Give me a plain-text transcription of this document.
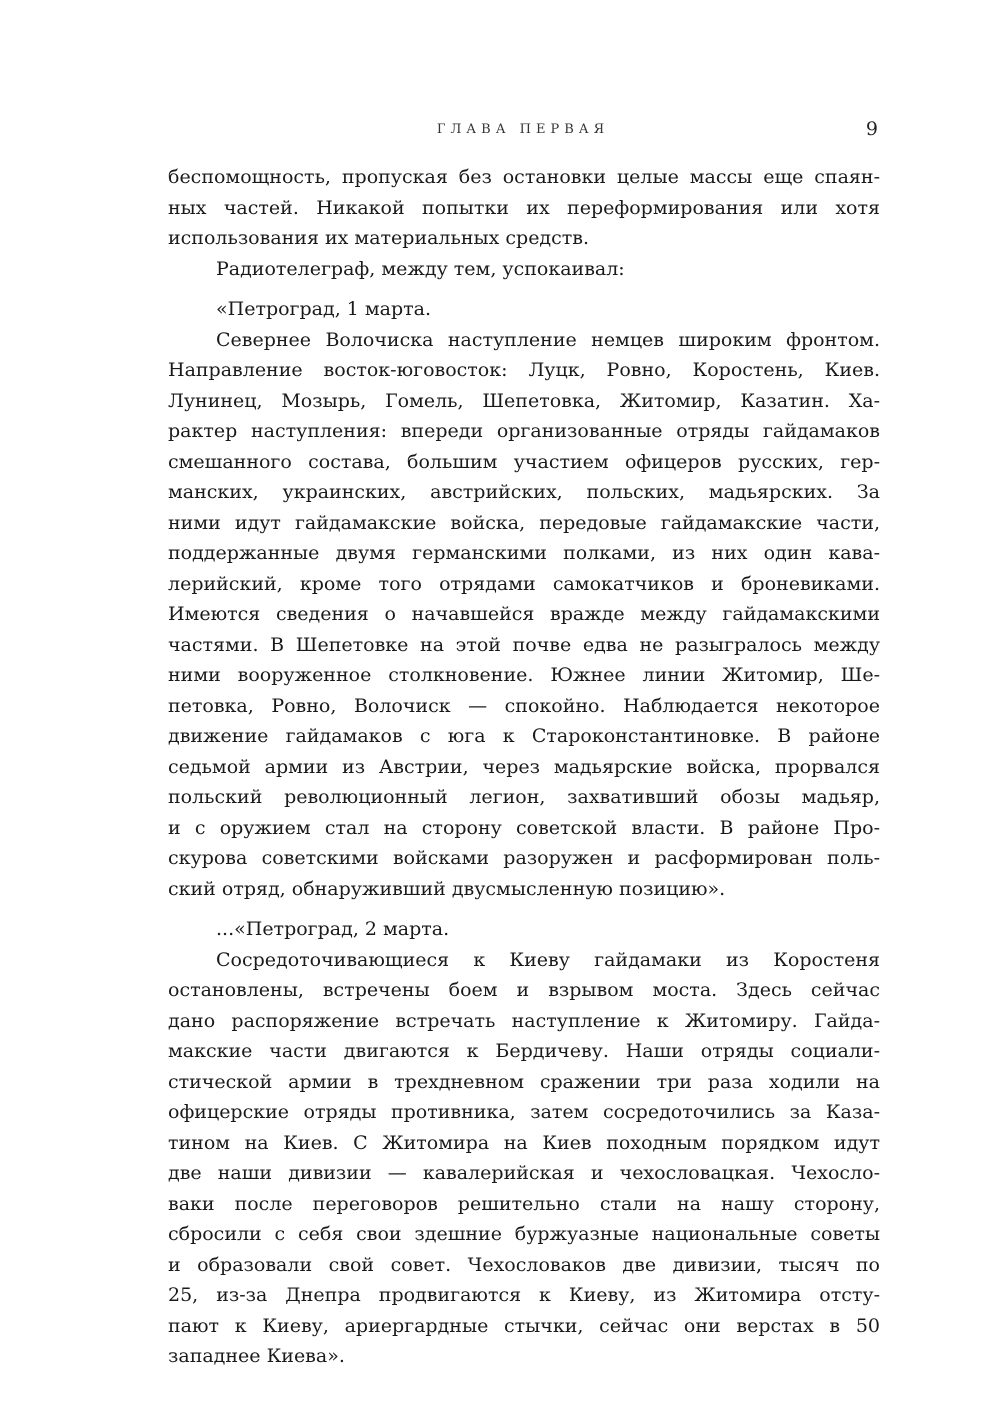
ГЛАВА ПЕРВАЯ	9
беспомощность, пропуская без остановки целые массы еще спаян-
ных частей. Никакой попытки их переформирования или хотя
использования их материальных средств.
Радиотелеграф, между тем, успокаивал:
«Петроград, 1 марта.
Севернее Волочиска наступление немцев широким фронтом.
Направление восток-юговосток: Луцк, Ровно, Коростень, Киев.
Лунинец, Мозырь, Гомель, Шепетовка, Житомир, Казатин. Ха-
рактер наступления: впереди организованные отряды гайдамаков
смешанного состава, большим участием офицеров русских, гер-
манских, украинских, австрийских, польских, мадьярских. За
ними идут гайдамакские войска, передовые гайдамакские части,
поддержанные двумя германскими полками, из них один кава-
лерийский, кроме того отрядами самокатчиков и броневиками.
Имеются сведения о начавшейся вражде между гайдамакскими
частями. В Шепетовке на этой почве едва не разыгралось между
ними вооруженное столкновение. Южнее линии Житомир, Ше-
петовка, Ровно, Волочиск — спокойно. Наблюдается некоторое
движение гайдамаков с юга к Староконстантиновке. В районе
седьмой армии из Австрии, через мадьярские войска, прорвался
польский революционный легион, захвативший обозы мадьяр,
и с оружием стал на сторону советской власти. В районе Про-
скурова советскими войсками разоружен и расформирован поль-
ский отряд, обнаруживший двусмысленную позицию».
...«Петроград, 2 марта.
Сосредоточивающиеся к Киеву гайдамаки из Коростеня
остановлены, встречены боем и взрывом моста. Здесь сейчас
дано распоряжение встречать наступление к Житомиру. Гайда-
макские части двигаются к Бердичеву. Наши отряды социали-
стической армии в трехдневном сражении три раза ходили на
офицерские отряды противника, затем сосредоточились за Каза-
тином на Киев. С Житомира на Киев походным порядком идут
две наши дивизии — кавалерийская и чехословацкая. Чехосло-
ваки после переговоров решительно стали на нашу сторону,
сбросили с себя свои здешние буржуазные национальные советы
и образовали свой совет. Чехословаков две дивизии, тысяч по
25, из-за Днепра продвигаются к Киеву, из Житомира отсту-
пают к Киеву, ариергардные стычки, сейчас они верстах в 50
западнее Киева».
